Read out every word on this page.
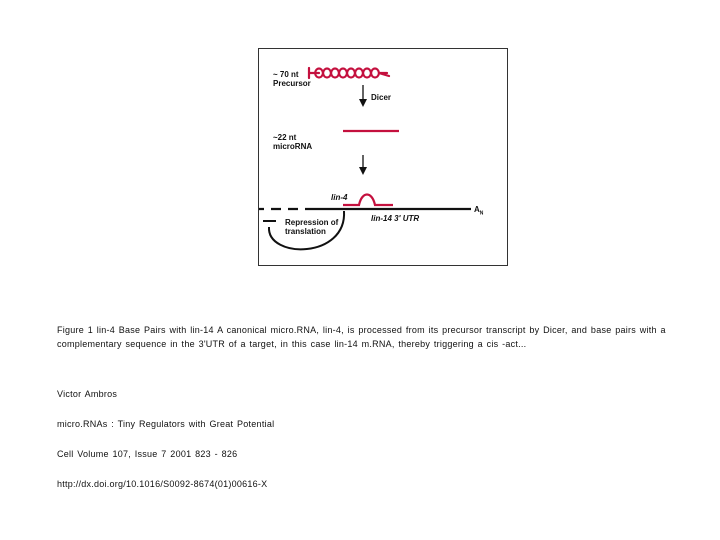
~ 70 nt
Precursor
Dicer
~22 nt
microRNA
lin-4
lin-14 3' UTR
$A_N$
Repression of
translation
Figure 1 lin-4 Base Pairs with lin-14 A canonical micro.RNA, lin-4, is processed from its precursor transcript by Dicer, and base pairs with a complementary sequence in the 3'UTR of a target, in this case lin-14 m.RNA, thereby triggering a cis -act...
Victor Ambros
micro.RNAs : Tiny Regulators with Great Potential
Cell Volume 107, Issue 7 2001 823 - 826
http://dx.doi.org/10.1016/S0092-8674(01)00616-X
